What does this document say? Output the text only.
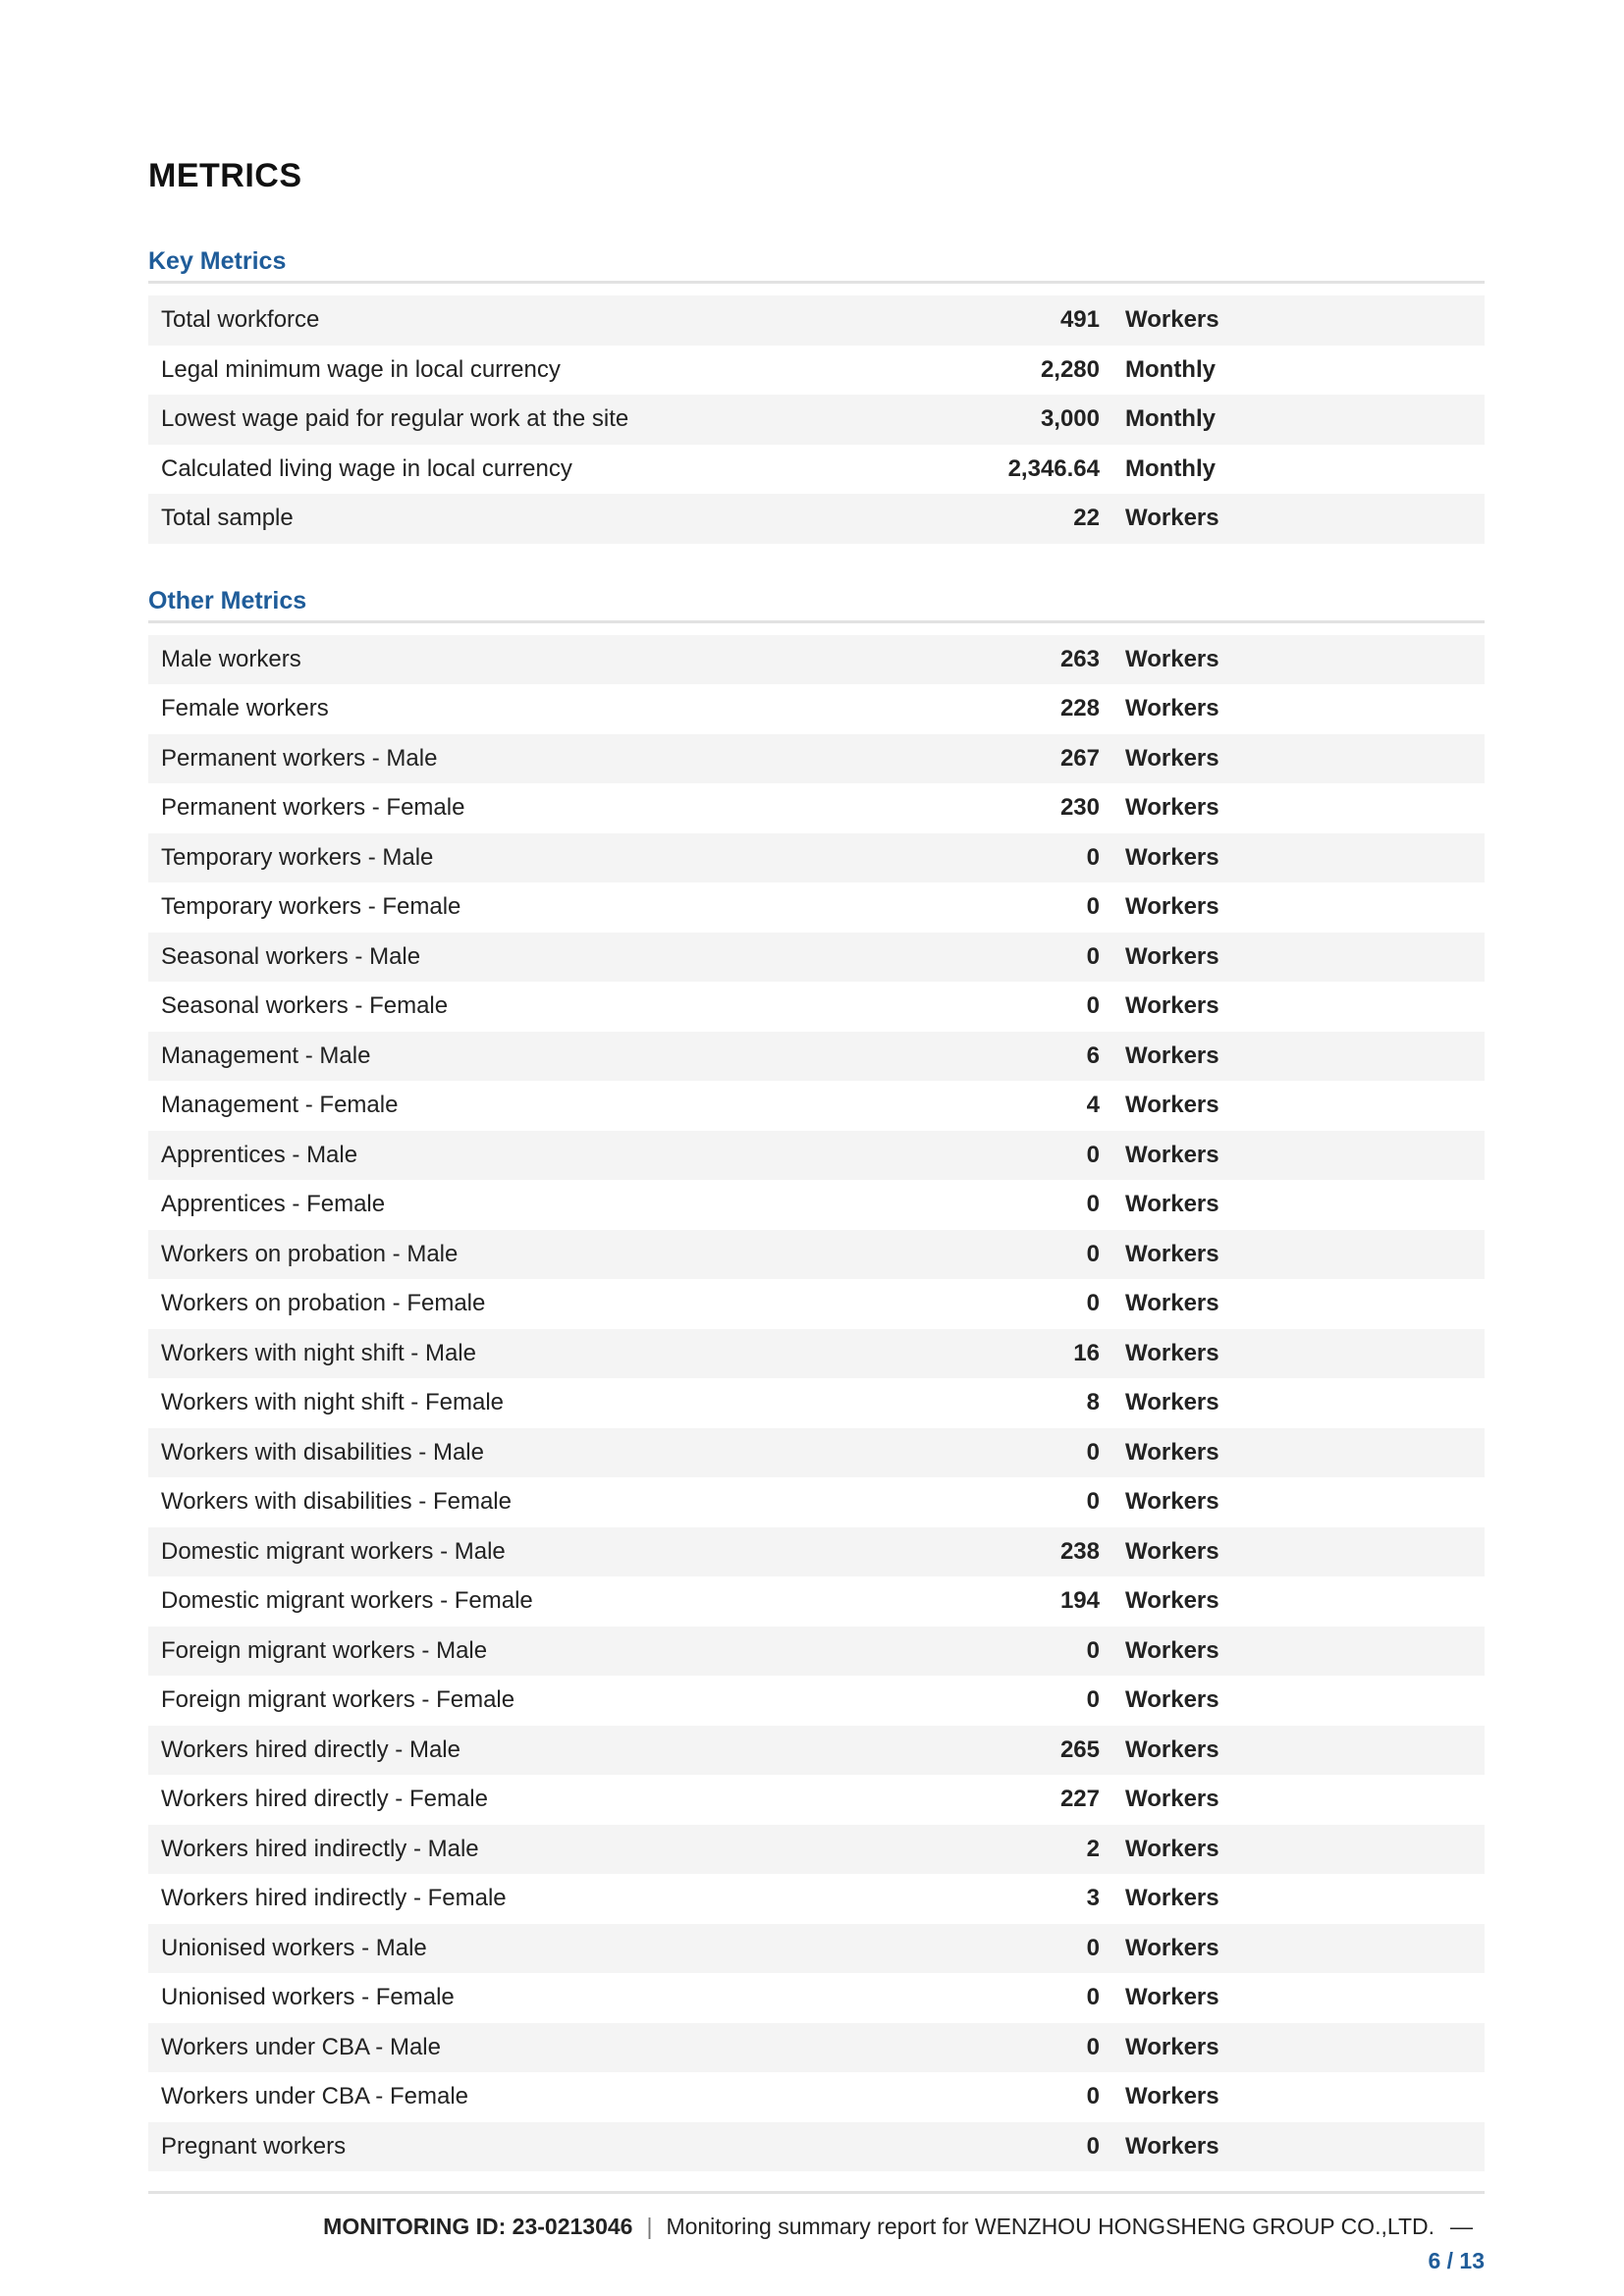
METRICS
Key Metrics
Total workforce	491	Workers
Legal minimum wage in local currency	2,280	Monthly
Lowest wage paid for regular work at the site	3,000	Monthly
Calculated living wage in local currency	2,346.64	Monthly
Total sample	22	Workers
Other Metrics
Male workers	263	Workers
Female workers	228	Workers
Permanent workers - Male	267	Workers
Permanent workers - Female	230	Workers
Temporary workers - Male	0	Workers
Temporary workers - Female	0	Workers
Seasonal workers - Male	0	Workers
Seasonal workers - Female	0	Workers
Management - Male	6	Workers
Management - Female	4	Workers
Apprentices - Male	0	Workers
Apprentices - Female	0	Workers
Workers on probation - Male	0	Workers
Workers on probation - Female	0	Workers
Workers with night shift - Male	16	Workers
Workers with night shift - Female	8	Workers
Workers with disabilities - Male	0	Workers
Workers with disabilities - Female	0	Workers
Domestic migrant workers - Male	238	Workers
Domestic migrant workers - Female	194	Workers
Foreign migrant workers - Male	0	Workers
Foreign migrant workers - Female	0	Workers
Workers hired directly - Male	265	Workers
Workers hired directly - Female	227	Workers
Workers hired indirectly - Male	2	Workers
Workers hired indirectly - Female	3	Workers
Unionised workers - Male	0	Workers
Unionised workers - Female	0	Workers
Workers under CBA - Male	0	Workers
Workers under CBA - Female	0	Workers
Pregnant workers	0	Workers
MONITORING ID: 23-0213046 | Monitoring summary report for WENZHOU HONGSHENG GROUP CO.,LTD. —
6 / 13
